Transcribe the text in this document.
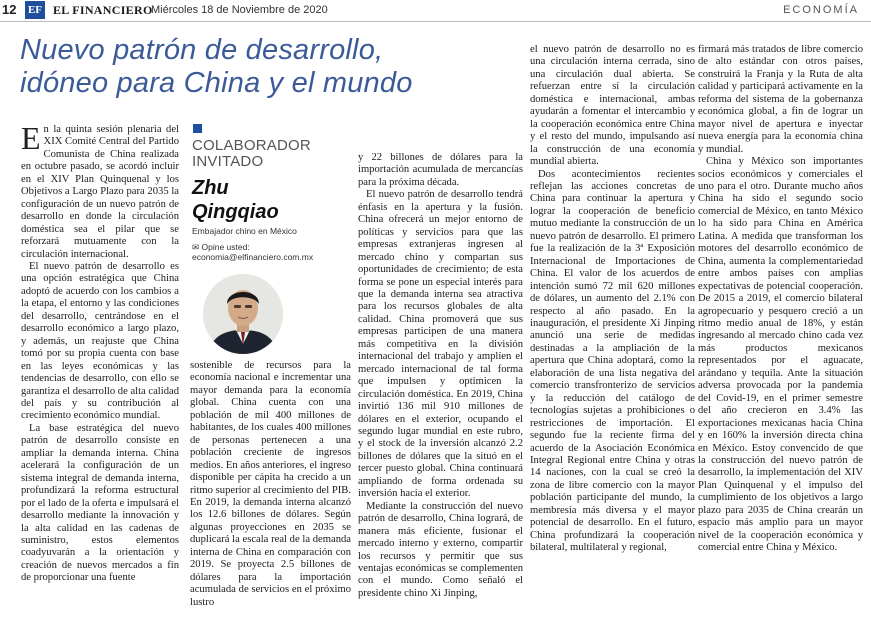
12 EF EL FINANCIERO
Miércoles 18 de Noviembre de 2020	ECONOMÍA
Nuevo patrón de desarrollo,
idóneo para China y el mundo

En la quinta sesión plenaria del XIX Comité Central del Partido Comunista de China realizada en octubre pasado, se acordó incluir en el XIV Plan Quinquenal y los Objetivos a Largo Plazo para 2035 la configuración de un nuevo patrón de desarrollo en donde la circulación doméstica sea el pilar que se reforzará mutuamente con la circulación internacional.

El nuevo patrón de desarrollo es una opción estratégica que China adoptó de acuerdo con los cambios a la etapa, el entorno y las condiciones del desarrollo, centrándose en el desarrollo económico a largo plazo, y además, un reajuste que China tomó por su propia cuenta con base en las leyes económicas y las tendencias de desarrollo, con ello se garantiza el desarrollo de alta calidad del país y su contribución al crecimiento económico mundial.

La base estratégica del nuevo patrón de desarrollo consiste en ampliar la demanda interna. China acelerará la configuración de un sistema integral de demanda interna, profundizará la reforma estructural por el lado de la oferta e impulsará el desarrollo mediante la innovación y la alta calidad en las cadenas de suministro, estos elementos coadyuvarán a la orientación y creación de nuevos mercados a fin de proporcionar una fuente

COLABORADOR INVITADO
Zhu
Qingqiao
Embajador chino en México
✉ Opine usted:
economia@elfinanciero.com.mx

sostenible de recursos para la economía nacional e incrementar una mayor demanda para la economía global. China cuenta con una población de mil 400 millones de habitantes, de los cuales 400 millones de personas pertenecen a una población creciente de ingresos medios. En años anteriores, el ingreso disponible per cápita ha crecido a un ritmo superior al crecimiento del PIB. En 2019, la demanda interna alcanzó los 12.6 billones de dólares. Según algunas proyecciones en 2035 se duplicará la escala real de la demanda interna de China en comparación con 2019. Se proyecta 2.5 billones de dólares para la importación acumulada de servicios en el próximo lustro

y 22 billones de dólares para la importación acumulada de mercancías para la próxima década.

El nuevo patrón de desarrollo tendrá énfasis en la apertura y la fusión. China ofrecerá un mejor entorno de políticas y servicios para que las empresas extranjeras ingresen al mercado chino y compartan sus oportunidades de crecimiento; de esta forma se pone un especial interés para que la demanda interna sea atractiva para los recursos globales de alta calidad. China promoverá que sus empresas participen de una manera más competitiva en la división internacional del trabajo y amplíen el mercado internacional de tal forma que impulsen y optimicen la circulación doméstica. En 2019, China invirtió 136 mil 910 millones de dólares en el exterior, ocupando el segundo lugar mundial en este rubro, y el stock de la inversión alcanzó 2.2 billones de dólares que la situó en el tercer puesto global. China continuará ampliando de forma ordenada su inversión hacia el exterior.

Mediante la construcción del nuevo patrón de desarrollo, China logrará, de manera más eficiente, fusionar el mercado interno y externo, compartir los recursos y permitir que sus ventajas económicas se complementen con el mundo. Como señaló el presidente chino Xi Jinping,

el nuevo patrón de desarrollo no es una circulación interna cerrada, sino una circulación dual abierta. Se refuerzan entre sí la circulación doméstica e internacional, ambas ayudarán a fomentar el intercambio y la cooperación económica entre China y el resto del mundo, impulsando así la construcción de una economía mundial abierta.

Dos acontecimientos recientes reflejan las acciones concretas de China para continuar la apertura y lograr la cooperación de beneficio mutuo mediante la construcción de un nuevo patrón de desarrollo. El primero fue la realización de la 3ª Exposición Internacional de Importaciones de China. El valor de los acuerdos de intención sumó 72 mil 620 millones de dólares, un aumento del 2.1% con respecto al año pasado. En la inauguración, el presidente Xi Jinping anunció una serie de medidas destinadas a la ampliación de la apertura que China adoptará, como la elaboración de una lista negativa del comercio transfronterizo de servicios y la reducción del catálogo de tecnologías sujetas a prohibiciones o restricciones de importación. El segundo fue la reciente firma del acuerdo de la Asociación Económica Integral Regional entre China y otras 14 naciones, con la cual se creó la zona de libre comercio con la mayor población participante del mundo, la membresía más diversa y el mayor potencial de desarrollo. En el futuro, China profundizará la cooperación bilateral, multilateral y regional,

firmará más tratados de libre comercio de alto estándar con otros países, construirá la Franja y la Ruta de alta calidad y participará activamente en la reforma del sistema de la gobernanza económica global, a fin de lograr un mayor nivel de apertura e inyectar nueva energía para la economía china y mundial.

China y México son importantes socios económicos y comerciales el uno para el otro. Durante mucho años China ha sido el segundo socio comercial de México, en tanto México lo ha sido para China en América Latina. A medida que transforman los motores del desarrollo económico de China, aumenta la complementariedad entre ambos países con amplias expectativas de potencial cooperación. De 2015 a 2019, el comercio bilateral agropecuario y pesquero creció a un ritmo medio anual de 18%, y están ingresando al mercado chino cada vez más productos mexicanos representados por el aguacate, arándano y tequila. Ante la situación adversa provocada por la pandemia del Covid-19, en el primer semestre del año crecieron en 3.4% las exportaciones mexicanas hacia China y en 160% la inversión directa china en México. Estoy convencido de que la construcción del nuevo patrón de desarrollo, la implementación del XIV Plan Quinquenal y el impulso del cumplimiento de los objetivos a largo plazo para 2035 de China crearán un espacio más amplio para un mayor nivel de la cooperación económica y comercial entre China y México.
